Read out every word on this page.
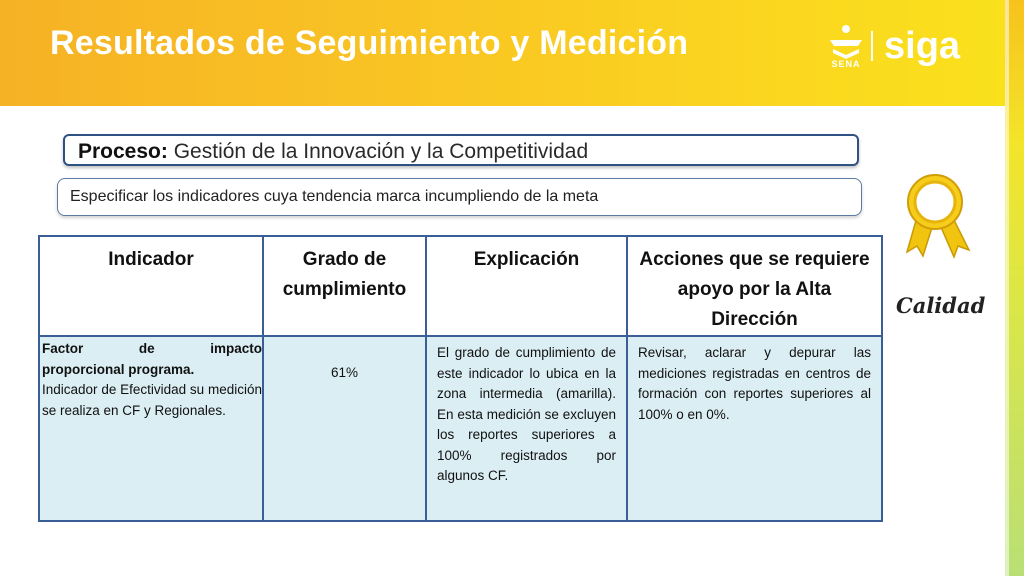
Resultados de Seguimiento y Medición
SENA siga
Proceso: Gestión de la Innovación y la Competitividad
Especificar los indicadores cuya tendencia marca incumpliendo de la meta
Indicador	Grado de cumplimiento	Explicación	Acciones que se requiere apoyo por la Alta Dirección

Factor de impacto
proporcional programa.
Indicador de Efectividad su medición se realiza en CF y Regionales.	61%	El grado de cumplimiento de este indicador lo ubica en la zona intermedia (amarilla). En esta medición se excluyen los reportes superiores a 100% registrados por algunos CF.	Revisar, aclarar y depurar las mediciones registradas en centros de formación con reportes superiores al 100% o en 0%.
Calidad
